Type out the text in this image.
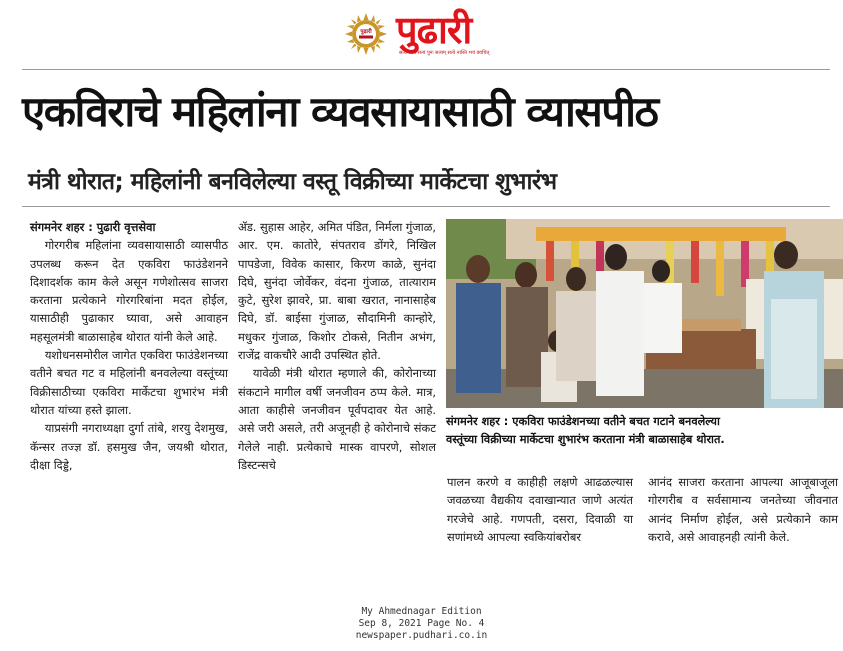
पुढारी पुढारी
सत्यं सत्यं सत्यं पुनः सत्यम् सत्ये नास्ति भयं क्वचित्
एकविराचे महिलांना व्यवसायासाठी व्यासपीठ
मंत्री थोरात; महिलांनी बनविलेल्या वस्तू विक्रीच्या मार्केटचा शुभारंभ

संगमनेर शहर : पुढारी वृत्तसेवा

गोरगरीब महिलांना व्यवसायासाठी व्यासपीठ उपलब्ध करून देत एकविरा फाउंडेशनने दिशादर्शक काम केले असून गणेशोत्सव साजरा करताना प्रत्येकाने गोरगरिबांना मदत होईल, यासाठीही पुढाकार घ्यावा, असे आवाहन महसूलमंत्री बाळासाहेब थोरात यांनी केले आहे.

यशोधनसमोरील जागेत एकविरा फाउंडेशनच्या वतीने बचत गट व महिलांनी बनवलेल्या वस्तूंच्या विक्रीसाठीच्या एकविरा मार्केटचा शुभारंभ मंत्री थोरात यांच्या हस्ते झाला.

याप्रसंगी नगराध्यक्षा दुर्गा तांबे, शरयु देशमुख, कॅन्सर तज्ज्ञ डॉ. हसमुख जैन, जयश्री थोरात, दीक्षा दिड्डे,

ॲड. सुहास आहेर, अमित पंडित, निर्मला गुंजाळ, आर. एम. कातोरे, संपतराव डोंगरे, निखिल पापडेजा, विवेक कासार, किरण काळे, सुनंदा दिघे, सुनंदा जोर्वेकर, वंदना गुंजाळ, तात्याराम कुटे, सुरेश झावरे, प्रा. बाबा खरात, नानासाहेब दिघे, डॉ. बाईसा गुंजाळ, सौदामिनी कान्होरे, मधुकर गुंजाळ, किशोर टोकसे, नितीन अभंग, राजेंद्र वाकचौरे आदी उपस्थित होते.

यावेळी मंत्री थोरात म्हणाले की, कोरोनाच्या संकटाने मागील वर्षी जनजीवन ठप्प केले. मात्र, आता काहीसे जनजीवन पूर्वपदावर येत आहे. असे जरी असले, तरी अजूनही हे कोरोनाचे संकट गेलेले नाही. प्रत्येकाचे मास्क वापरणे, सोशल डिस्टन्सचे

संगमनेर शहर : एकविरा फाउंडेशनच्या वतीने बचत गटाने बनवलेल्या
वस्तूंच्या विक्रीच्या मार्केटचा शुभारंभ करताना मंत्री बाळासाहेब थोरात.

पालन करणे व काहीही लक्षणे आढळल्यास जवळच्या वैद्यकीय दवाखान्यात जाणे अत्यंत गरजेचे आहे. गणपती, दसरा, दिवाळी या सणांमध्ये आपल्या स्वकियांबरोबर

आनंद साजरा करताना आपल्या आजूबाजूला गोरगरीब व सर्वसामान्य जनतेच्या जीवनात आनंद निर्माण होईल, असे प्रत्येकाने काम करावे, असे आवाहनही त्यांनी केले.

My Ahmednagar Edition
Sep 8, 2021 Page No. 4
newspaper.pudhari.co.in
